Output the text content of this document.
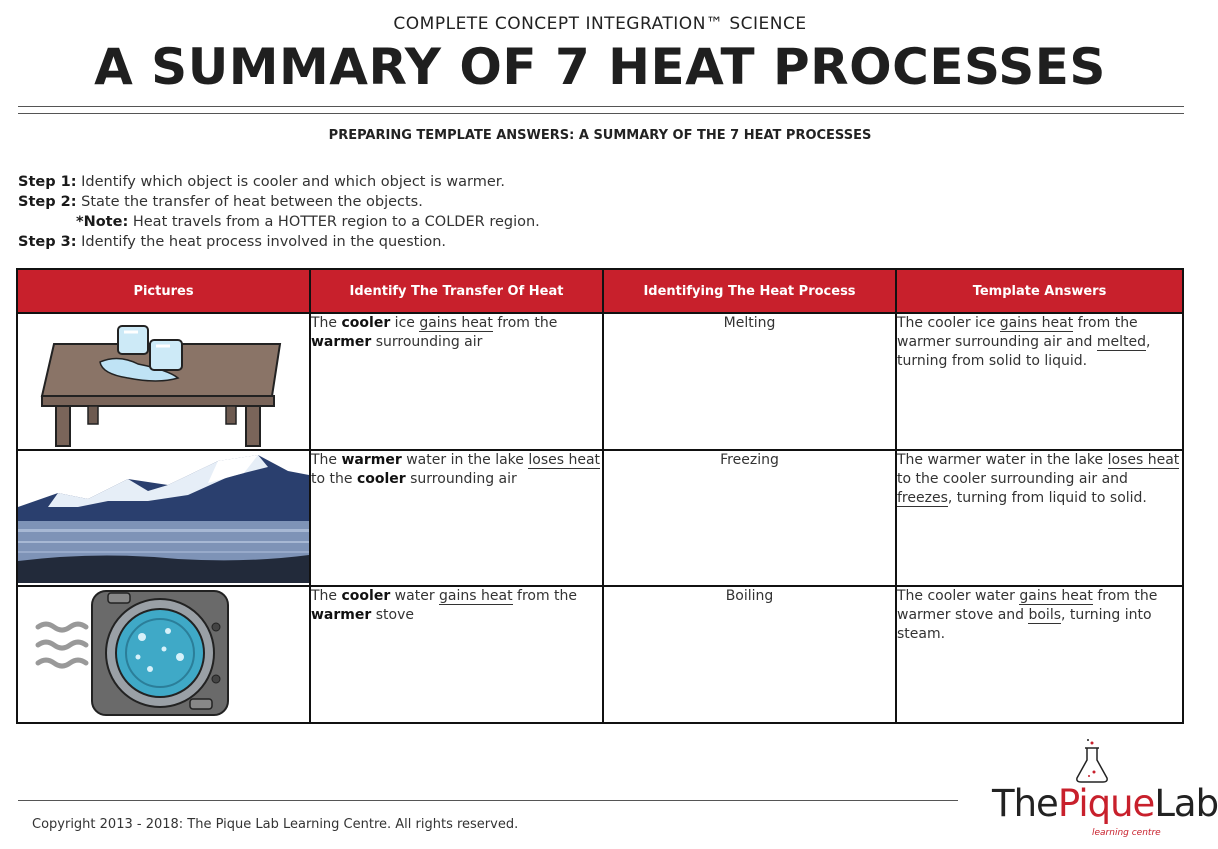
COMPLETE CONCEPT INTEGRATION™ SCIENCE
A SUMMARY OF 7 HEAT PROCESSES
PREPARING TEMPLATE ANSWERS: A SUMMARY OF THE 7 HEAT PROCESSES
Step 1: Identify which object is cooler and which object is warmer.
Step 2: State the transfer of heat between the objects.
*Note: Heat travels from a HOTTER region to a COLDER region.
Step 3: Identify the heat process involved in the question.
Pictures	Identify The Transfer Of Heat	Identifying The Heat Process	Template Answers

	The cooler ice gains heat from the warmer surrounding air	Melting	The cooler ice gains heat from the warmer surrounding air and melted, turning from solid to liquid.

	The warmer water in the lake loses heat to the cooler surrounding air	Freezing	The warmer water in the lake loses heat to the cooler surrounding air and freezes, turning from liquid to solid.

	The cooler water gains heat from the warmer stove	Boiling	The cooler water gains heat from the warmer stove and boils, turning into steam.
Copyright 2013 - 2018: The Pique Lab Learning Centre. All rights reserved.	ThePiqueLab
learning centre
